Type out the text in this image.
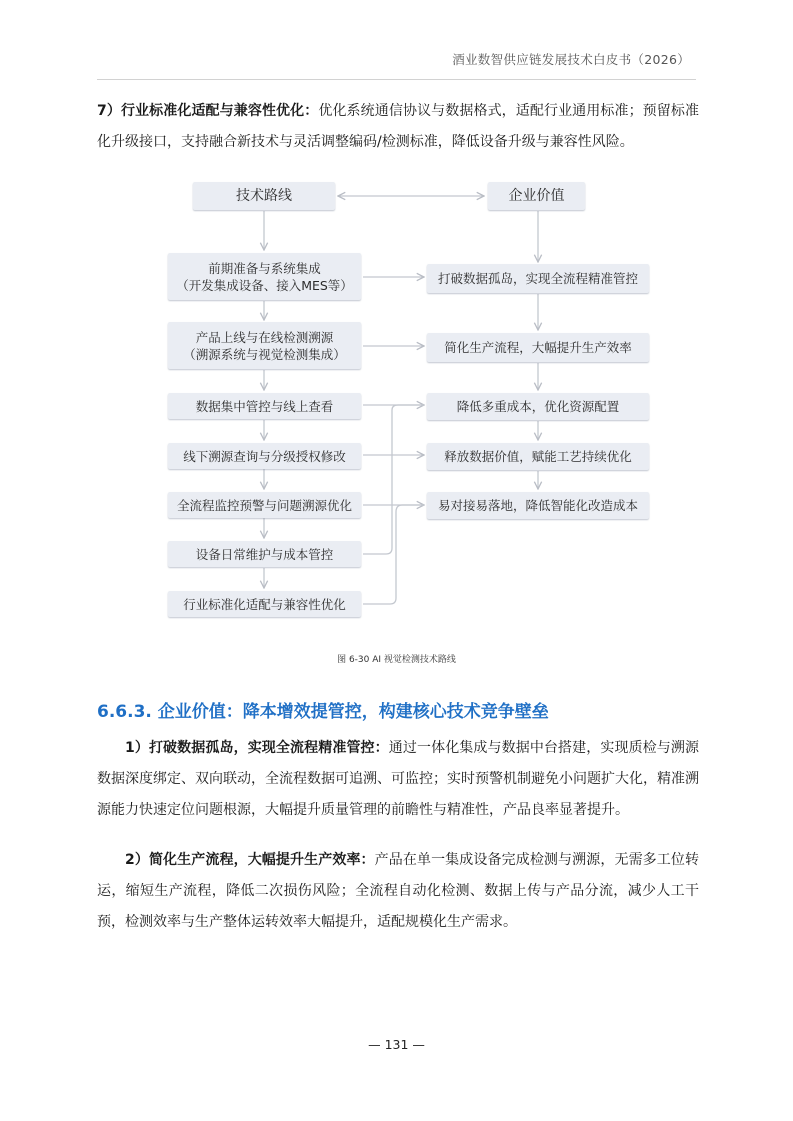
酒业数智供应链发展技术白皮书（2026）
7）行业标准化适配与兼容性优化：优化系统通信协议与数据格式，适配行业通用标准；预留标准化升级接口，支持融合新技术与灵活调整编码/检测标准，降低设备升级与兼容性风险。
技术路线	企业价值
前期准备与系统集成
（开发集成设备、接入MES等）
产品上线与在线检测溯源
（溯源系统与视觉检测集成）
数据集中管控与线上查看
线下溯源查询与分级授权修改
全流程监控预警与问题溯源优化
设备日常维护与成本管控
行业标准化适配与兼容性优化
打破数据孤岛，实现全流程精准管控
简化生产流程，大幅提升生产效率
降低多重成本，优化资源配置
释放数据价值，赋能工艺持续优化
易对接易落地，降低智能化改造成本
图 6-30 AI 视觉检测技术路线
6.6.3. 企业价值：降本增效提管控，构建核心技术竞争壁垒
1）打破数据孤岛，实现全流程精准管控：通过一体化集成与数据中台搭建，实现质检与溯源数据深度绑定、双向联动，全流程数据可追溯、可监控；实时预警机制避免小问题扩大化，精准溯源能力快速定位问题根源，大幅提升质量管理的前瞻性与精准性，产品良率显著提升。
2）简化生产流程，大幅提升生产效率：产品在单一集成设备完成检测与溯源，无需多工位转运，缩短生产流程，降低二次损伤风险；全流程自动化检测、数据上传与产品分流，减少人工干预，检测效率与生产整体运转效率大幅提升，适配规模化生产需求。
— 131 —
